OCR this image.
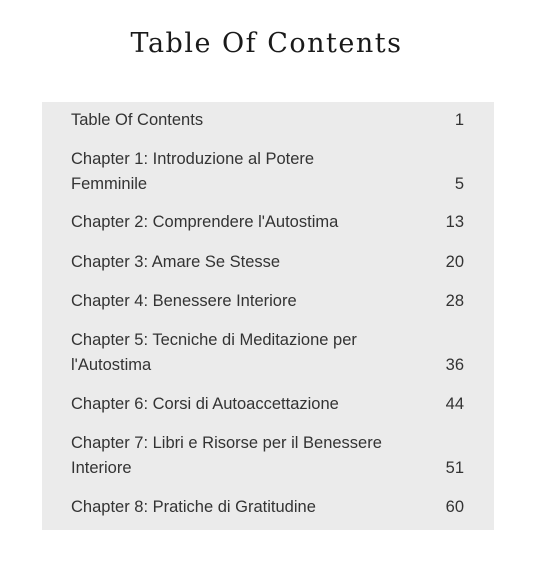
Table Of Contents
Table Of Contents	1
Chapter 1: Introduzione al Potere Femminile	5
Chapter 2: Comprendere l'Autostima	13
Chapter 3: Amare Se Stesse	20
Chapter 4: Benessere Interiore	28
Chapter 5: Tecniche di Meditazione per l'Autostima	36
Chapter 6: Corsi di Autoaccettazione	44
Chapter 7: Libri e Risorse per il Benessere Interiore	51
Chapter 8: Pratiche di Gratitudine	60
